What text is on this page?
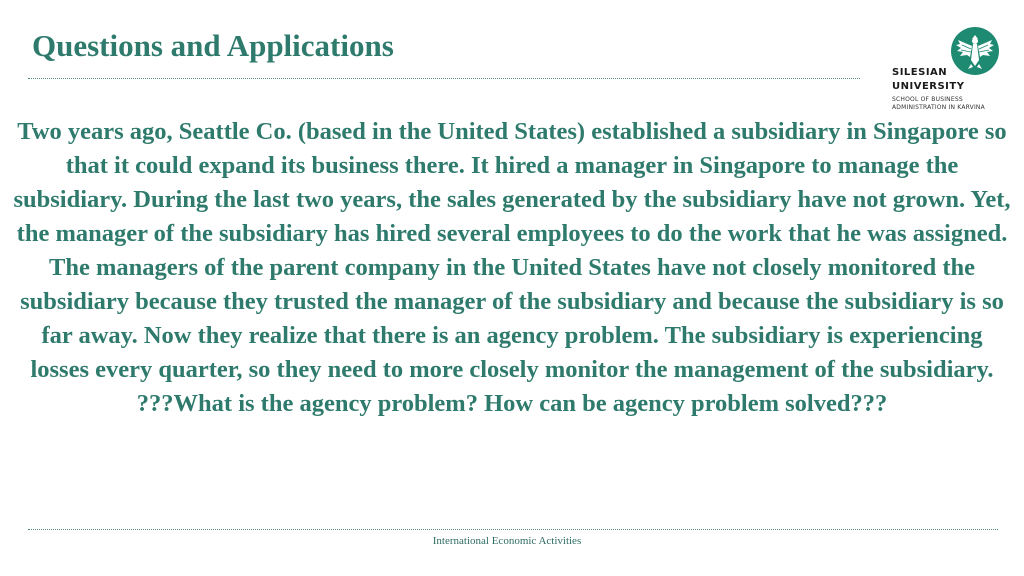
Questions and Applications
SILESIAN
UNIVERSITY
SCHOOL OF BUSINESS
ADMINISTRATION IN KARVINA

Two years ago, Seattle Co. (based in the United States) established a subsidiary in Singapore so that it could expand its business there. It hired a manager in Singapore to manage the subsidiary. During the last two years, the sales generated by the subsidiary have not grown. Yet, the manager of the subsidiary has hired several employees to do the work that he was assigned. The managers of the parent company in the United States have not closely monitored the subsidiary because they trusted the manager of the subsidiary and because the subsidiary is so far away. Now they realize that there is an agency problem. The subsidiary is experiencing losses every quarter, so they need to more closely monitor the management of the subsidiary.

???What is the agency problem? How can be agency problem solved???

International Economic Activities
